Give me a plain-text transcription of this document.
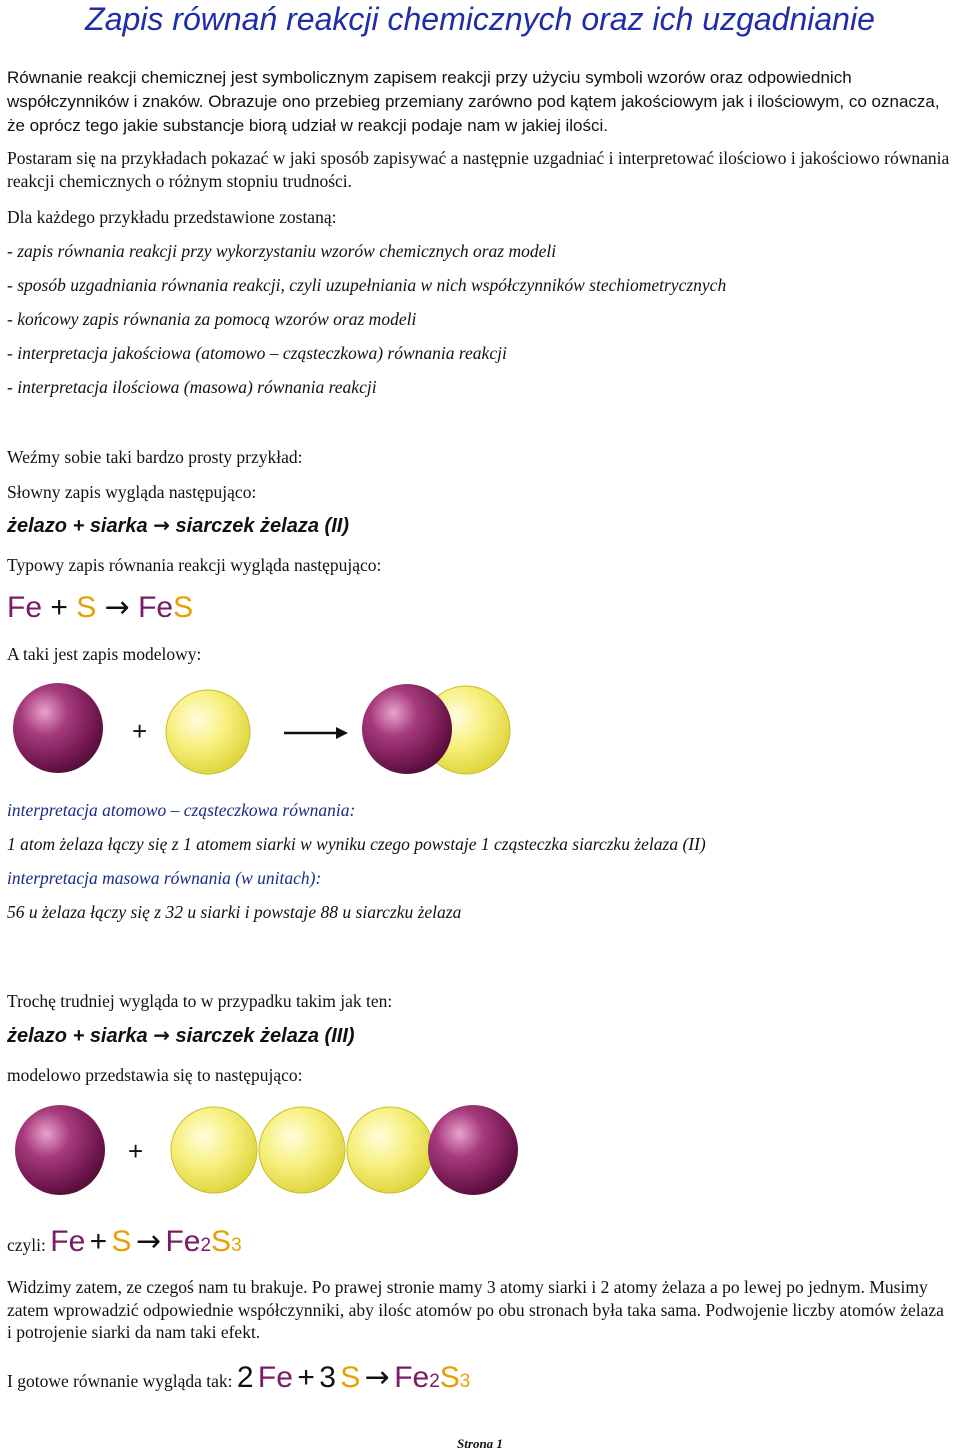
Zapis równań reakcji chemicznych oraz ich uzgadnianie

Równanie reakcji chemicznej jest symbolicznym zapisem reakcji przy użyciu symboli wzorów oraz odpowiednich współczynników i znaków. Obrazuje ono przebieg przemiany zarówno pod kątem jakościowym jak i ilościowym, co oznacza, że oprócz tego jakie substancje biorą udział w reakcji podaje nam w jakiej ilości.

Postaram się na przykładach pokazać w jaki sposób zapisywać a następnie uzgadniać i interpretować ilościowo i jakościowo równania reakcji chemicznych o różnym stopniu trudności.

Dla każdego przykładu przedstawione zostaną:

- zapis równania reakcji przy wykorzystaniu wzorów chemicznych oraz modeli

- sposób uzgadniania równania reakcji, czyli uzupełniania w nich współczynników stechiometrycznych

- końcowy zapis równania za pomocą wzorów oraz modeli

- interpretacja jakościowa (atomowo – cząsteczkowa) równania reakcji

- interpretacja ilościowa (masowa) równania reakcji

Weźmy sobie taki bardzo prosty przykład:

Słowny zapis wygląda następująco:

żelazo + siarka → siarczek żelaza (II)

Typowy zapis równania reakcji wygląda następująco:

Fe + S → FeS

A taki jest zapis modelowy:

+

interpretacja atomowo – cząsteczkowa równania:

1 atom żelaza łączy się z 1 atomem siarki w wyniku czego powstaje 1 cząsteczka siarczku żelaza (II)

interpretacja masowa równania (w unitach):

56 u żelaza łączy się z 32 u siarki i powstaje 88 u siarczku żelaza

Trochę trudniej wygląda to w przypadku takim jak ten:

żelazo + siarka → siarczek żelaza (III)

modelowo przedstawia się to następująco:

+

czyli: Fe + S → Fe2S3

Widzimy zatem, ze czegoś nam tu brakuje. Po prawej stronie mamy 3 atomy siarki i 2 atomy żelaza a po lewej po jednym. Musimy zatem wprowadzić odpowiednie współczynniki, aby ilośc atomów po obu stronach była taka sama. Podwojenie liczby atomów żelaza i potrojenie siarki da nam taki efekt.

I gotowe równanie wygląda tak: 2 Fe + 3 S → Fe2S3

Strona 1
